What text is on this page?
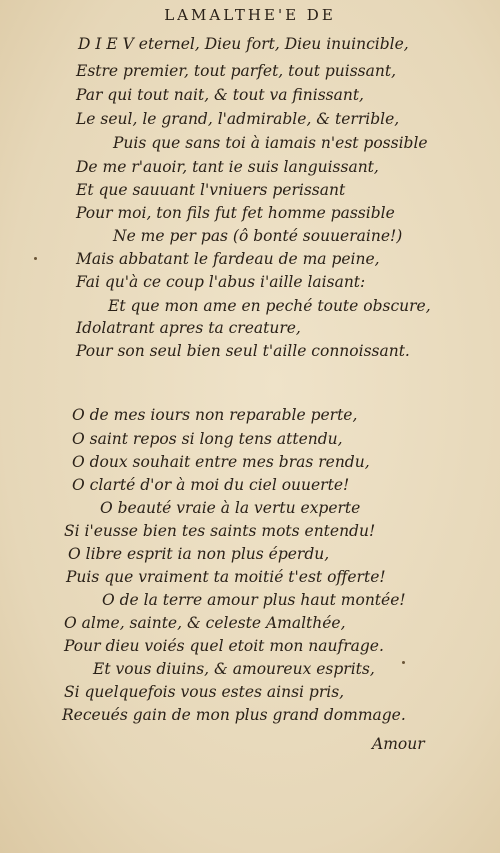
LAMALTHE'E DE
D I E V eternel, Dieu fort, Dieu inuincible,
Estre premier, tout parfet, tout puissant,
Par qui tout nait, & tout va finissant,
Le seul, le grand, l'admirable, & terrible,
Puis que sans toi à iamais n'est possible
De me r'auoir, tant ie suis languissant,
Et que sauuant l'vniuers perissant
Pour moi, ton fils fut fet homme passible
Ne me per pas (ô bonté souueraine!)
Mais abbatant le fardeau de ma peine,
Fai qu'à ce coup l'abus i'aille laisant:
Et que mon ame en peché toute obscure,
Idolatrant apres ta creature,
Pour son seul bien seul t'aille connoissant.
O de mes iours non reparable perte,
O saint repos si long tens attendu,
O doux souhait entre mes bras rendu,
O clarté d'or à moi du ciel ouuerte!
O beauté vraie à la vertu experte
Si i'eusse bien tes saints mots entendu!
O libre esprit ia non plus éperdu,
Puis que vraiment ta moitié t'est offerte!
O de la terre amour plus haut montée!
O alme, sainte, & celeste Amalthée,
Pour dieu voiés quel etoit mon naufrage.
Et vous diuins, & amoureux esprits,
Si quelquefois vous estes ainsi pris,
Receués gain de mon plus grand dommage.
Amour
